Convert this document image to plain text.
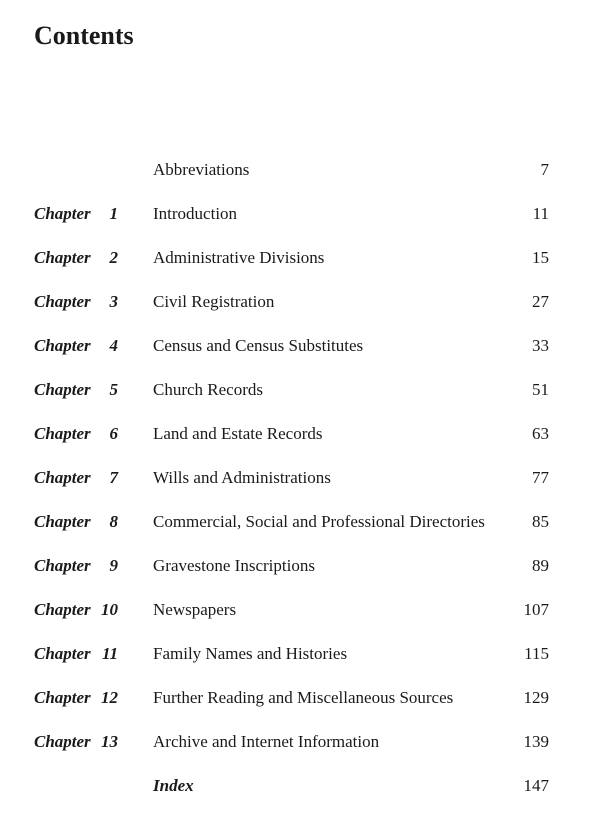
Contents
Abbreviations	7
Chapter 1 Introduction	11
Chapter 2 Administrative Divisions	15
Chapter 3 Civil Registration	27
Chapter 4 Census and Census Substitutes	33
Chapter 5 Church Records	51
Chapter 6 Land and Estate Records	63
Chapter 7 Wills and Administrations	77
Chapter 8 Commercial, Social and Professional Directories	85
Chapter 9 Gravestone Inscriptions	89
Chapter 10 Newspapers	107
Chapter 11 Family Names and Histories	115
Chapter 12 Further Reading and Miscellaneous Sources	129
Chapter 13 Archive and Internet Information	139
Index	147
